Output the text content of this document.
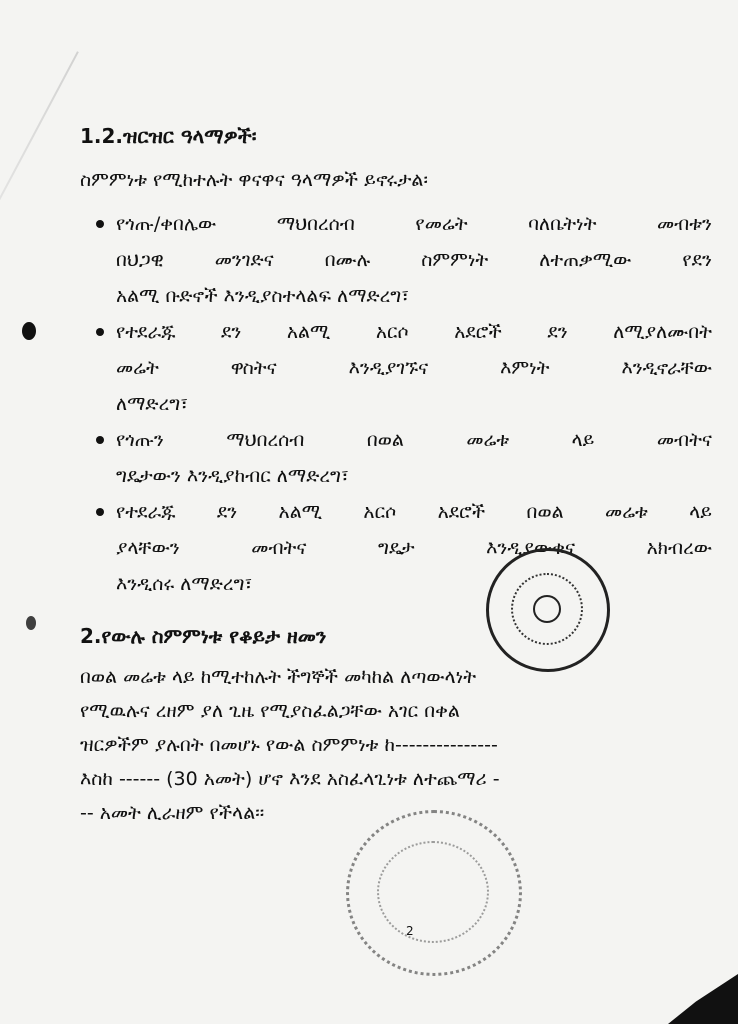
1.2.ዝርዝር ዓላማዎች፡
ስምምነቱ የሚከተሉት ዋናዋና ዓላማዎች ይኖሩታል፡
የጎጡ/ቀበሌው ማህበረሰብ የመሬት ባለቤትነት መብቱን
በህጋዊ መንገድና በሙሉ ስምምነት ለተጠቃሚው የደን
አልሚ ቡድኖች እንዲያስተላልፍ ለማድረግ፣
የተደራጁ ደን አልሚ አርሶ አደሮች ደን ለሚያለሙበት
መሬት ዋስትና እንዲያገኙና እምነት እንዲኖራቸው
ለማድረግ፣
የጎጡን ማህበረሰብ በወል መሬቱ ላይ መብትና
ግዴታውን እንዲያከብር ለማድረግ፣
የተደራጁ ደን አልሚ አርሶ አደሮች በወል መሬቱ ላይ
ያላቸውን መብትና ግዴታ እንዲያውቁና አክብረው
እንዲሰሩ ለማድረግ፣
2.የውሉ ስምምነቱ የቆይታ ዘመን
በወል መሬቱ ላይ ከሚተከሉት ችግኞች መካከል ለጣውላነት
የሚዉሉና ረዘም ያለ ጊዜ የሚያስፈልጋቸው አገር በቀል
ዝርዎችም ያሉበት በመሆኑ የውል ስምምነቱ ከ---------------
እስከ ------ (30 አመት) ሆኖ እንደ አስፈላጊነቱ ለተጨማሪ -
-- አመት ሊራዘም የችላል፡፡
2
